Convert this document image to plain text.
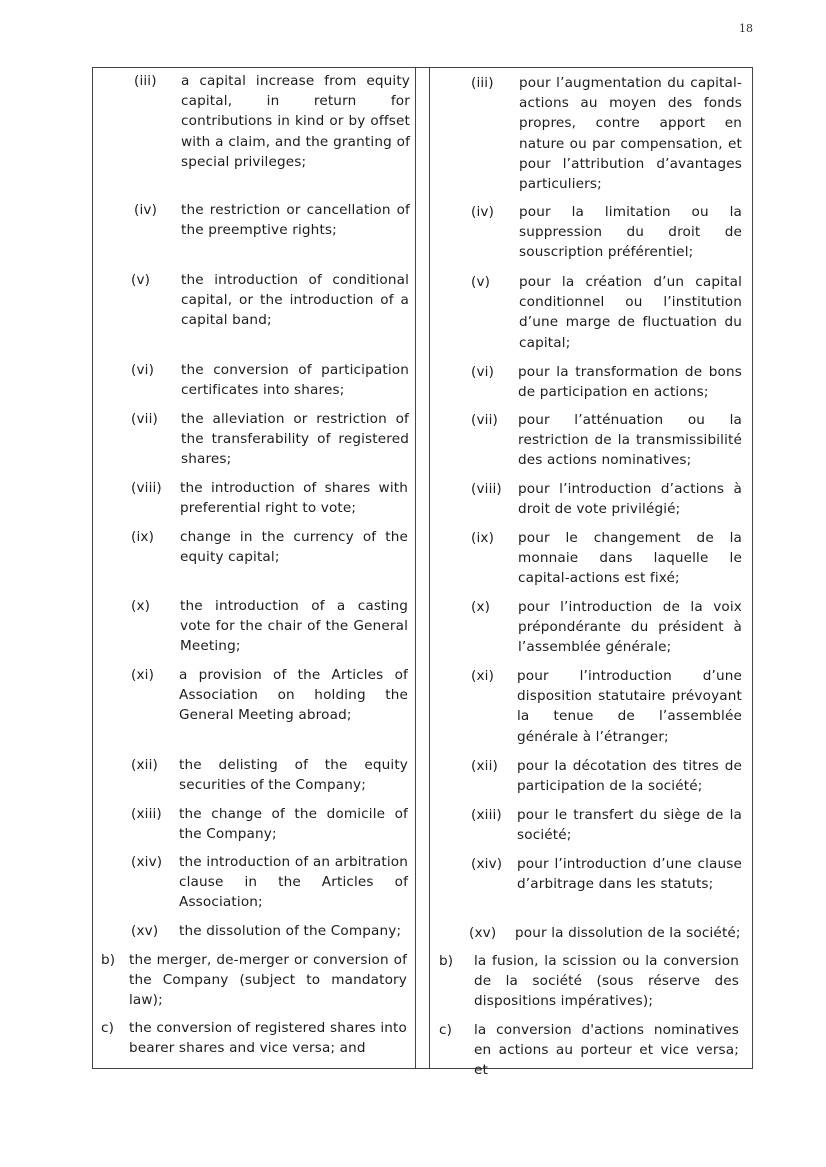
18
(iii) a capital increase from equity capital, in return for contributions in kind or by offset with a claim, and the granting of special privileges;
(iv) the restriction or cancellation of the preemptive rights;
(v) the introduction of conditional capital, or the introduction of a capital band;
(vi) the conversion of participation certificates into shares;
(vii) the alleviation or restriction of the transferability of registered shares;
(viii) the introduction of shares with preferential right to vote;
(ix) change in the currency of the equity capital;
(x) the introduction of a casting vote for the chair of the General Meeting;
(xi) a provision of the Articles of Association on holding the General Meeting abroad;
(xii) the delisting of the equity securities of the Company;
(xiii) the change of the domicile of the Company;
(xiv) the introduction of an arbitration clause in the Articles of Association;
(xv) the dissolution of the Company;
b) the merger, de-merger or conversion of the Company (subject to mandatory law);
c) the conversion of registered shares into bearer shares and vice versa; and
(iii) pour l’augmentation du capital-actions au moyen des fonds propres, contre apport en nature ou par compensation, et pour l’attribution d’avantages particuliers;
(iv) pour la limitation ou la suppression du droit de souscription préférentiel;
(v) pour la création d’un capital conditionnel ou l’institution d’une marge de fluctuation du capital;
(vi) pour la transformation de bons de participation en actions;
(vii) pour l’atténuation ou la restriction de la transmissibilité des actions nominatives;
(viii) pour l’introduction d’actions à droit de vote privilégié;
(ix) pour le changement de la monnaie dans laquelle le capital-actions est fixé;
(x) pour l’introduction de la voix prépondérante du président à l’assemblée générale;
(xi) pour l’introduction d’une disposition statutaire prévoyant la tenue de l’assemblée générale à l’étranger;
(xii) pour la décotation des titres de participation de la société;
(xiii) pour le transfert du siège de la société;
(xiv) pour l’introduction d’une clause d’arbitrage dans les statuts;
(xv) pour la dissolution de la société;
b) la fusion, la scission ou la conversion de la société (sous réserve des dispositions impératives);
c) la conversion d'actions nominatives en actions au porteur et vice versa; et
